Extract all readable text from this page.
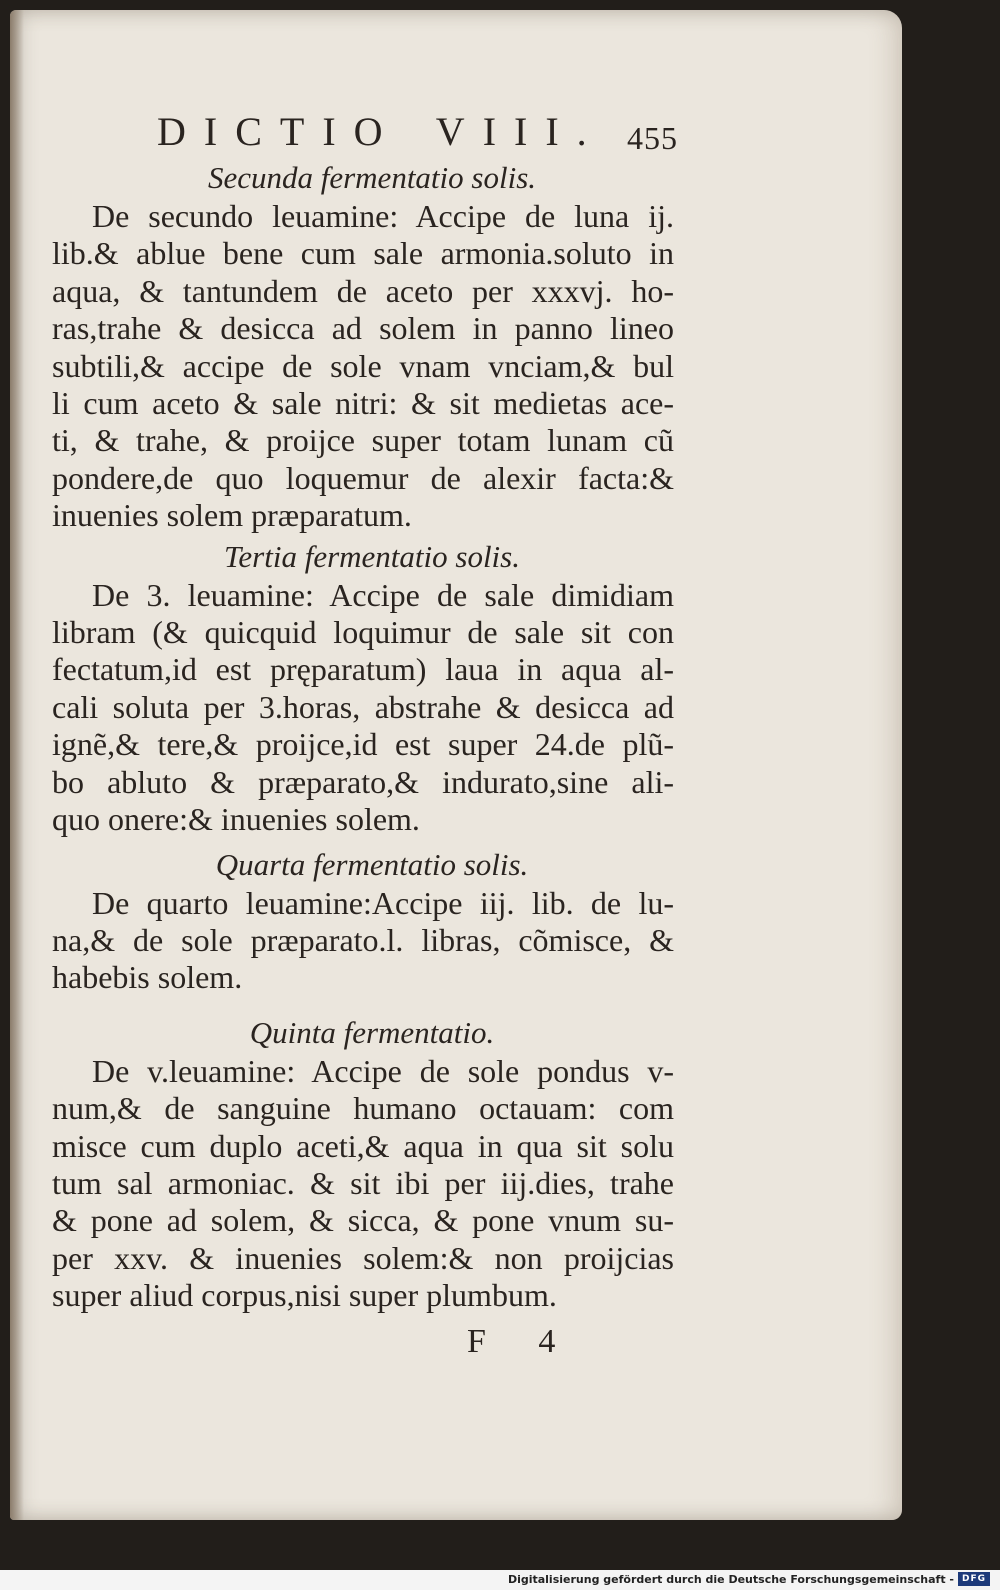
DICTIO VIII. 455

Secunda fermentatio solis.

De secundo leuamine: Accipe de luna ij.
lib.& ablue bene cum sale armonia.soluto in
aqua, & tantundem de aceto per xxxvj. ho-
ras,trahe & desicca ad solem in panno lineo
subtili,& accipe de sole vnam vnciam,& bul
li cum aceto & sale nitri: & sit medietas ace-
ti, & trahe, & proijce super totam lunam cũ
pondere,de quo loquemur de alexir facta:&
inuenies solem præparatum.

Tertia fermentatio solis.

De 3. leuamine: Accipe de sale dimidiam
libram (& quicquid loquimur de sale sit con
fectatum,id est pręparatum) laua in aqua al-
cali soluta per 3.horas, abstrahe & desicca ad
ignẽ,& tere,& proijce,id est super 24.de plũ-
bo abluto & præparato,& indurato,sine ali-
quo onere:& inuenies solem.

Quarta fermentatio solis.

De quarto leuamine:Accipe iij. lib. de lu-
na,& de sole præparato.l. libras, cõmisce, &
habebis solem.

Quinta fermentatio.

De v.leuamine: Accipe de sole pondus v-
num,& de sanguine humano octauam: com
misce cum duplo aceti,& aqua in qua sit solu
tum sal armoniac. & sit ibi per iij.dies, trahe
& pone ad solem, & sicca, & pone vnum su-
per xxv. & inuenies solem:& non proijcias
super aliud corpus,nisi super plumbum.
F 4
Digitalisierung gefördert durch die Deutsche Forschungsgemeinschaft - DFG
